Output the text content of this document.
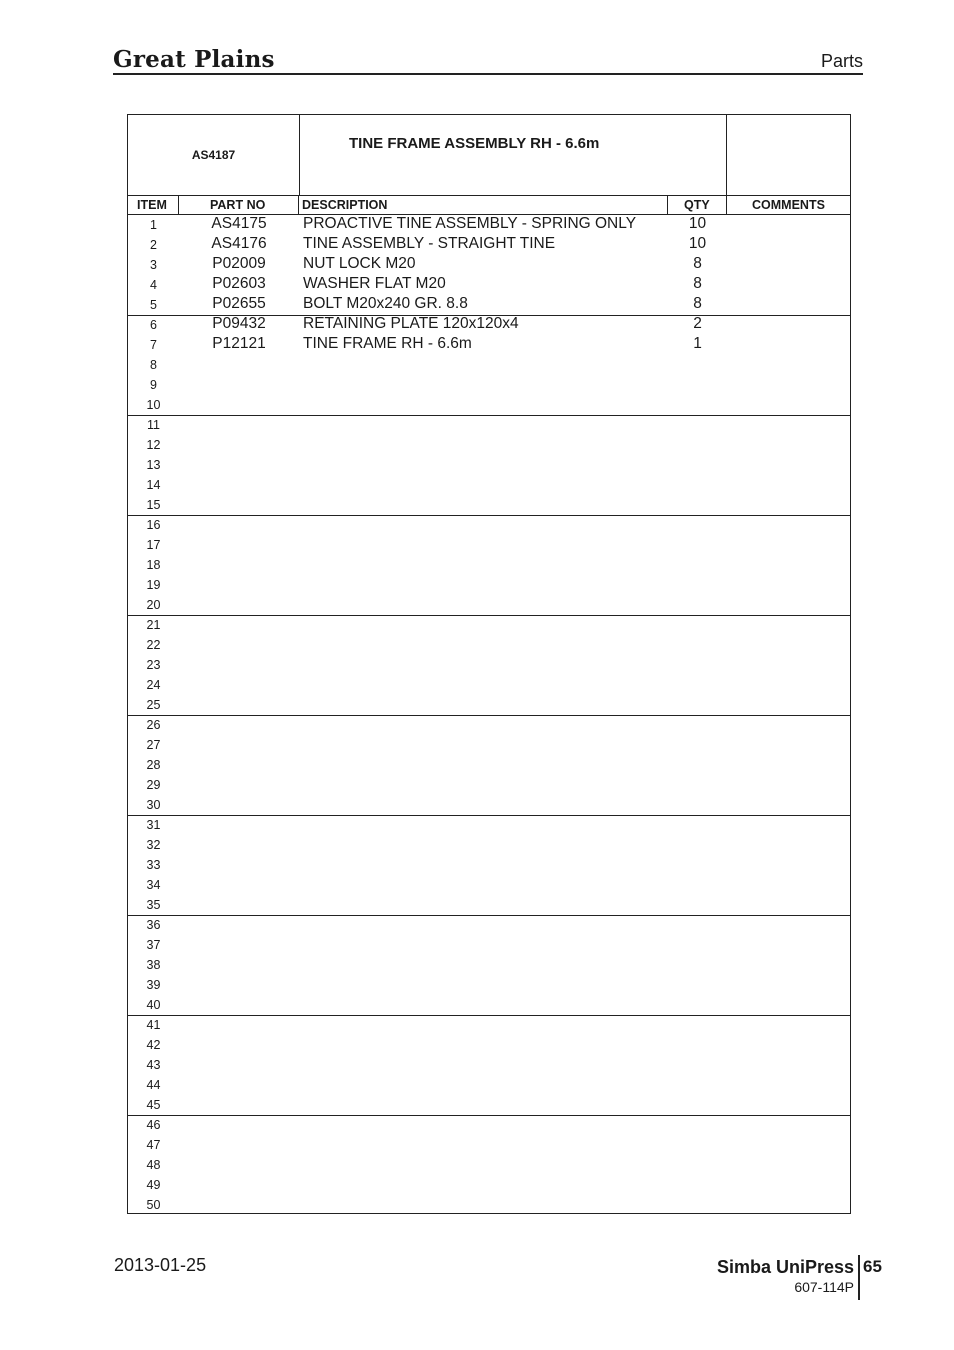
Great Plains	Parts
AS4187
TINE FRAME ASSEMBLY RH - 6.6m
ITEM	PART NO	DESCRIPTION	QTY	COMMENTS
1	AS4175	PROACTIVE TINE ASSEMBLY - SPRING ONLY	10
2	AS4176	TINE ASSEMBLY - STRAIGHT TINE	10
3	P02009	NUT LOCK M20	8
4	P02603	WASHER FLAT M20	8
5	P02655	BOLT M20x240 GR. 8.8	8
6	P09432	RETAINING PLATE 120x120x4	2
7	P12121	TINE FRAME RH - 6.6m	1
8
9
10
11
12
13
14
15
16
17
18
19
20
21
22
23
24
25
26
27
28
29
30
31
32
33
34
35
36
37
38
39
40
41
42
43
44
45
46
47
48
49
50
2013-01-25	Simba UniPress 65
607-114P
